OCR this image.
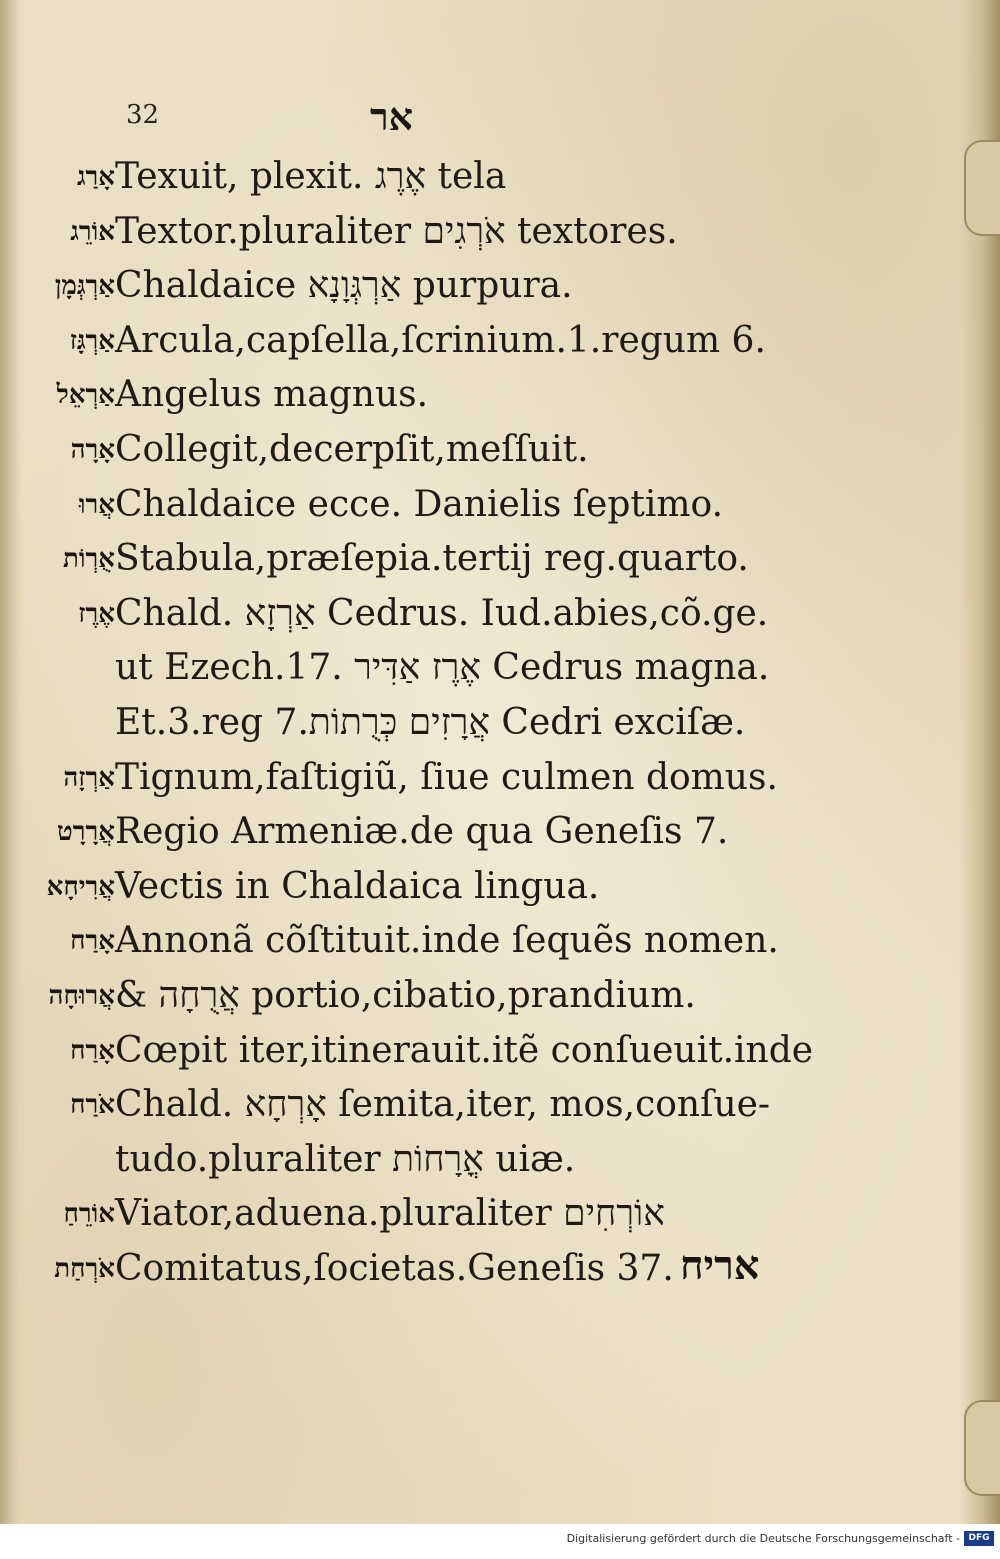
32	אר
אָרַג Texuit, plexit. אֶרֶג tela
אוֹרֵג Textor.pluraliter אֹרְגִים textores.
אַרְגְּמָן Chaldaice אַרְגְּוָנָא purpura.
אַרְגָּז Arcula,capſella,ſcrinium.1.regum 6.
אַרְאֵל Angelus magnus.
אָרָה Collegit,decerpſit,meſſuit.
אֲרוּ Chaldaice ecce. Danielis ſeptimo.
אֻרְוֹת Stabula,præſepia.tertij reg.quarto.
אֶרֶז Chald. אַרְזָא Cedrus. Iud.abies,cõ.ge.
ut Ezech.17. אֶרֶז אַדִּיר Cedrus magna.
Et.3.reg 7.אֲרָזִים כְּרֻתוֹת Cedri exciſæ.
אַרְזָה Tignum,faſtigiũ, ſiue culmen domus.
אֲרָרָט Regio Armeniæ.de qua Geneſis 7.
אֲרִיחָא Vectis in Chaldaica lingua.
אָרַח Annonã cõſtituit.inde ſequẽs nomen.
אֲרוּחָה & אֲרֻחָה portio,cibatio,prandium.
אָרַח Cœpit iter,itinerauit.itẽ conſueuit.inde
אֹרַח Chald. אָרְחָא ſemita,iter, mos,conſue-
tudo.pluraliter אֳרָחוֹת uiæ.
אוֹרֵחַ Viator,aduena.pluraliter אוֹרְחִים
אֹרְחַת Comitatus,ſocietas.Geneſis 37. אריח
Digitalisierung gefördert durch die Deutsche Forschungsgemeinschaft - DFG
